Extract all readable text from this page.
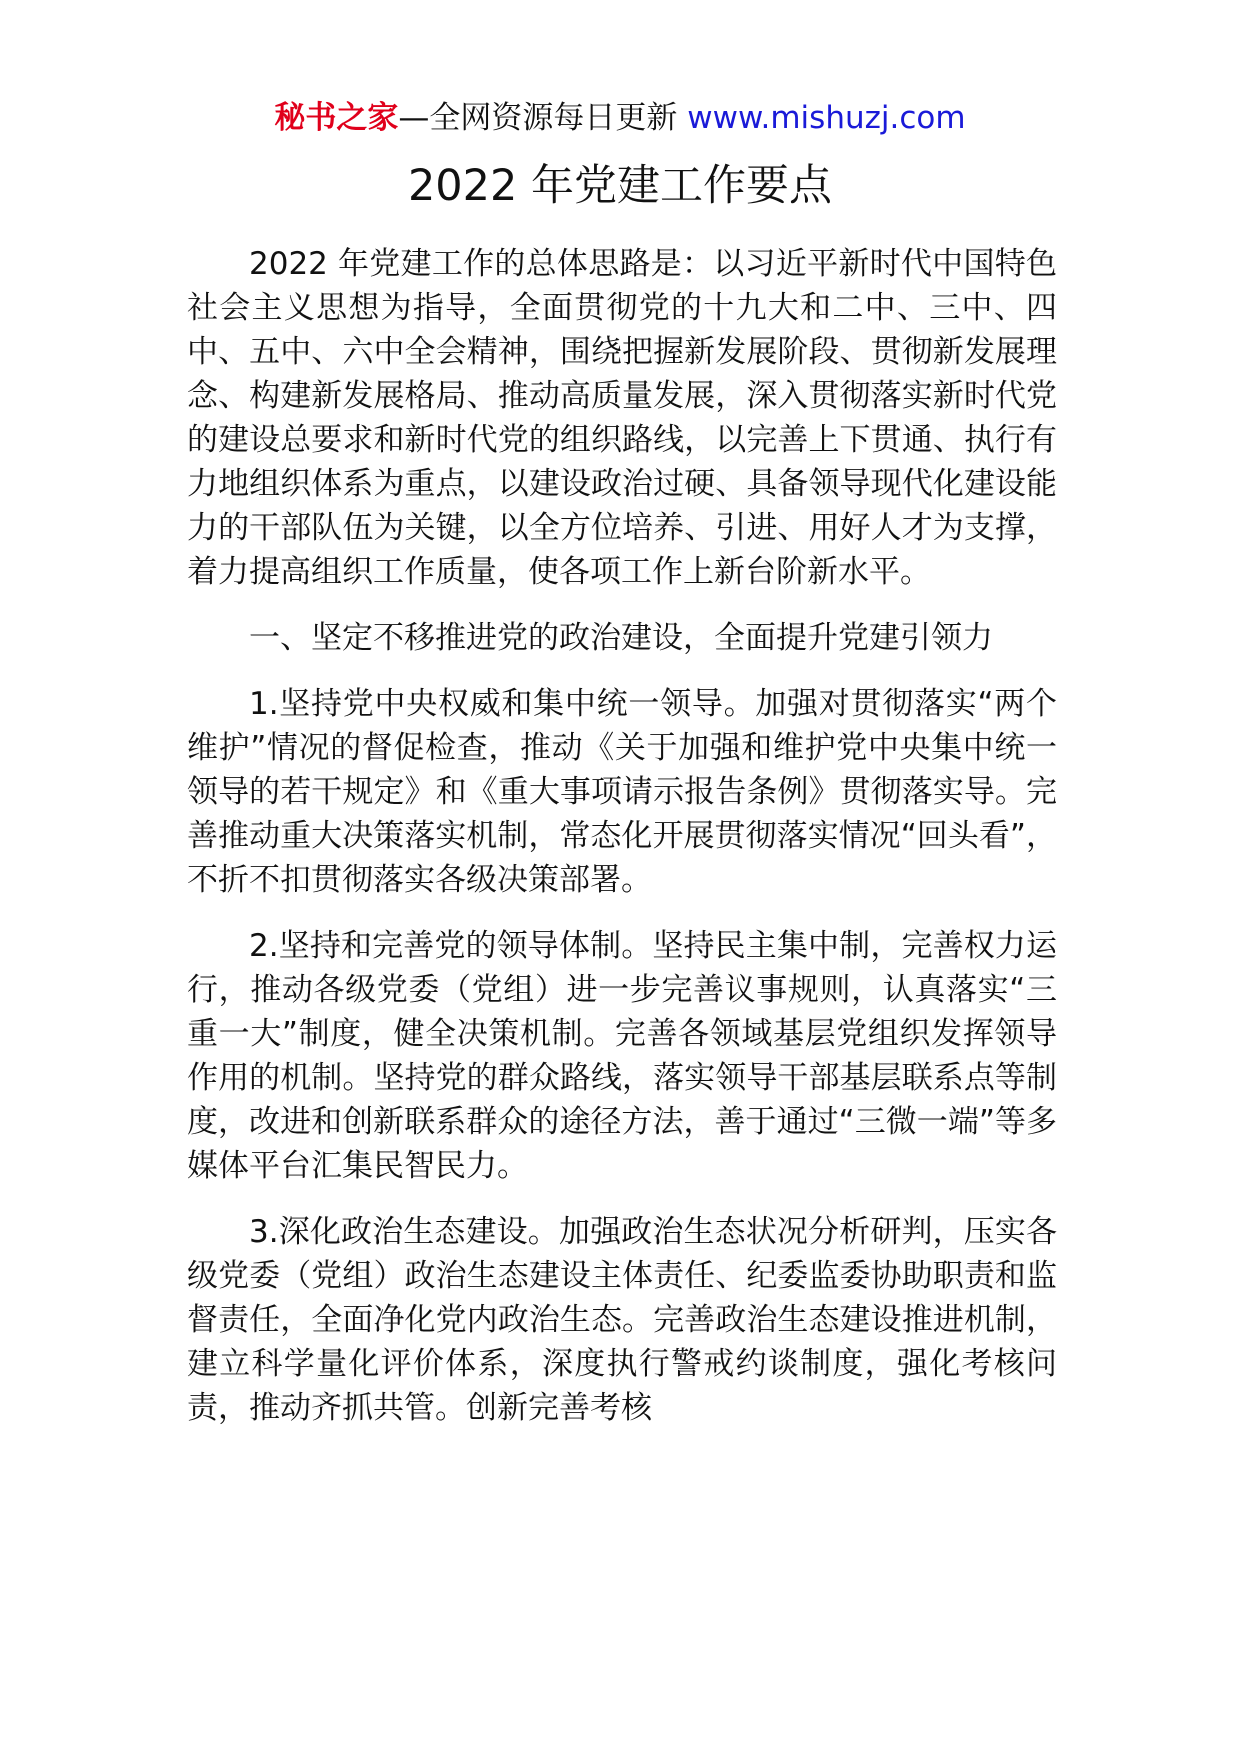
秘书之家—全网资源每日更新 www.mishuzj.com
2022 年党建工作要点

2022 年党建工作的总体思路是：以习近平新时代中国特色社会主义思想为指导，全面贯彻党的十九大和二中、三中、四中、五中、六中全会精神，围绕把握新发展阶段、贯彻新发展理念、构建新发展格局、推动高质量发展，深入贯彻落实新时代党的建设总要求和新时代党的组织路线，以完善上下贯通、执行有力地组织体系为重点，以建设政治过硬、具备领导现代化建设能力的干部队伍为关键，以全方位培养、引进、用好人才为支撑，着力提高组织工作质量，使各项工作上新台阶新水平。

一、坚定不移推进党的政治建设，全面提升党建引领力

1.坚持党中央权威和集中统一领导。加强对贯彻落实“两个维护”情况的督促检查，推动《关于加强和维护党中央集中统一领导的若干规定》和《重大事项请示报告条例》贯彻落实导。完善推动重大决策落实机制，常态化开展贯彻落实情况“回头看”，不折不扣贯彻落实各级决策部署。

2.坚持和完善党的领导体制。坚持民主集中制，完善权力运行，推动各级党委（党组）进一步完善议事规则，认真落实“三重一大”制度，健全决策机制。完善各领域基层党组织发挥领导作用的机制。坚持党的群众路线，落实领导干部基层联系点等制度，改进和创新联系群众的途径方法，善于通过“三微一端”等多媒体平台汇集民智民力。

3.深化政治生态建设。加强政治生态状况分析研判，压实各级党委（党组）政治生态建设主体责任、纪委监委协助职责和监督责任，全面净化党内政治生态。完善政治生态建设推进机制，建立科学量化评价体系，深度执行警戒约谈制度，强化考核问责，推动齐抓共管。创新完善考核
